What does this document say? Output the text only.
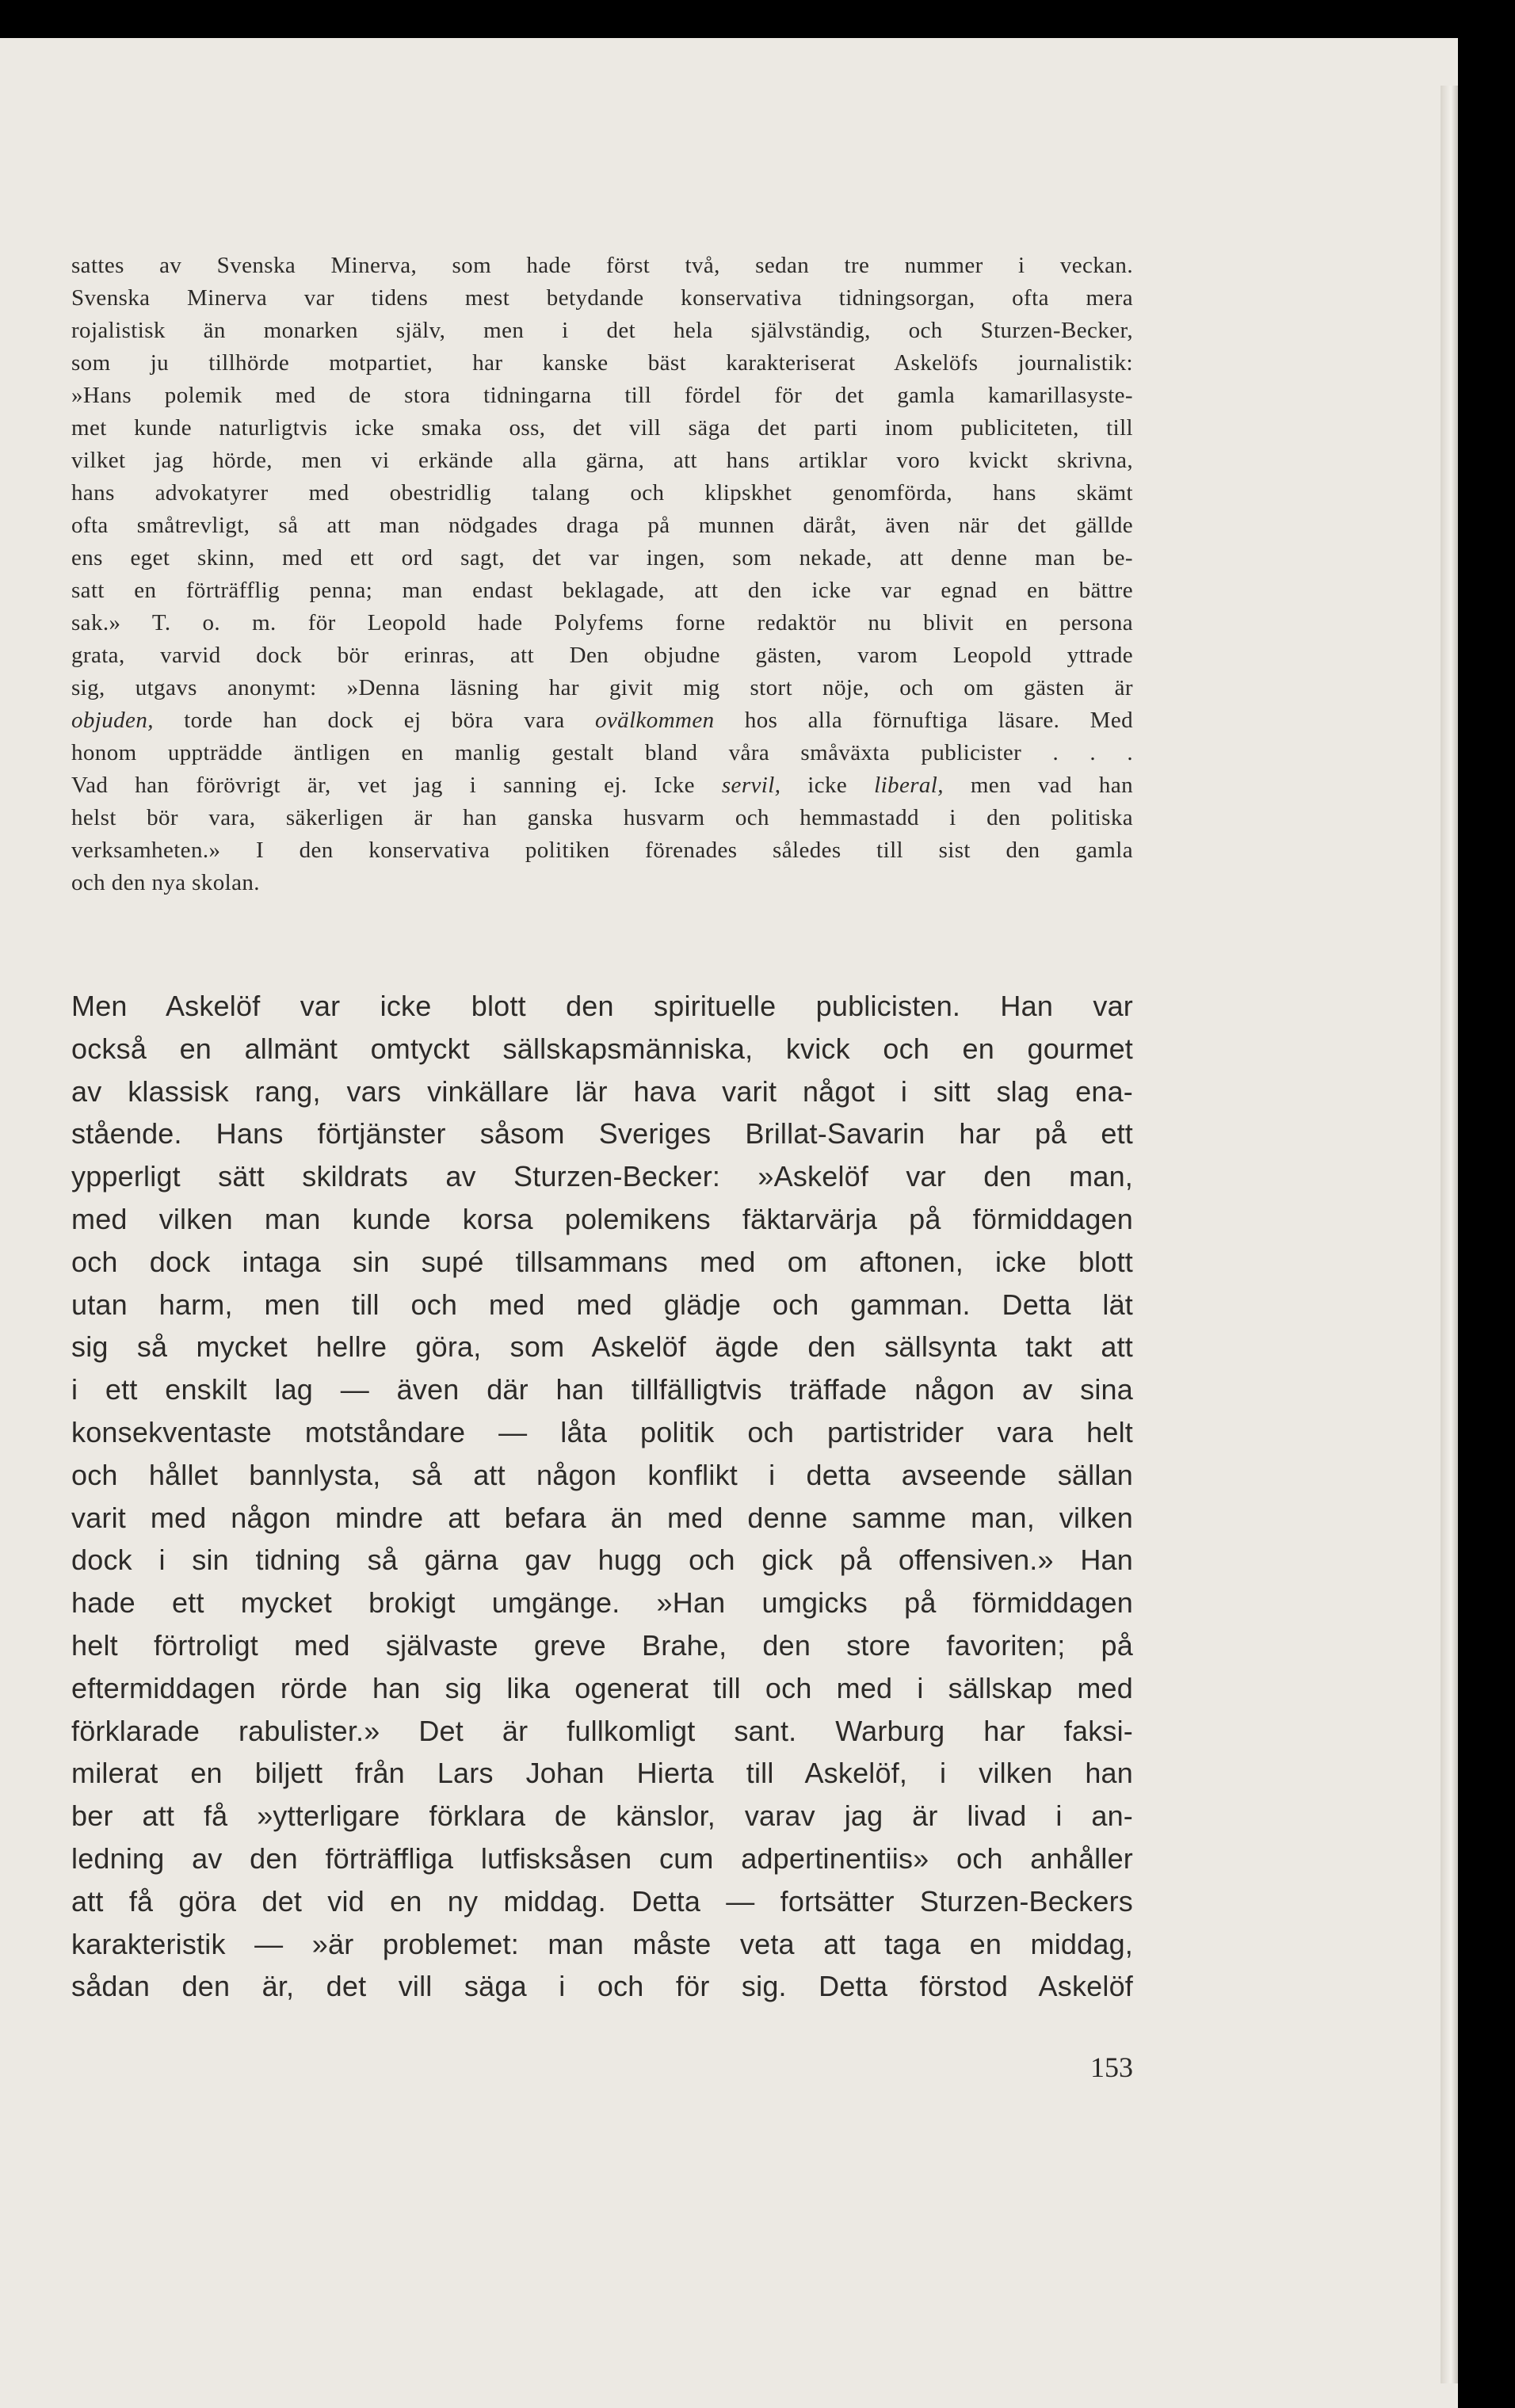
sattes av Svenska Minerva, som hade först två, sedan tre nummer i veckan.
Svenska Minerva var tidens mest betydande konservativa tidningsorgan, ofta mera
rojalistisk än monarken själv, men i det hela självständig, och Sturzen-Becker,
som ju tillhörde motpartiet, har kanske bäst karakteriserat Askelöfs journalistik:
»Hans polemik med de stora tidningarna till fördel för det gamla kamarillasyste-
met kunde naturligtvis icke smaka oss, det vill säga det parti inom publiciteten, till
vilket jag hörde, men vi erkände alla gärna, att hans artiklar voro kvickt skrivna,
hans advokatyrer med obestridlig talang och klipskhet genomförda, hans skämt
ofta småtrevligt, så att man nödgades draga på munnen däråt, även när det gällde
ens eget skinn, med ett ord sagt, det var ingen, som nekade, att denne man be-
satt en förträfflig penna; man endast beklagade, att den icke var egnad en bättre
sak.» T. o. m. för Leopold hade Polyfems forne redaktör nu blivit en persona
grata, varvid dock bör erinras, att Den objudne gästen, varom Leopold yttrade
sig, utgavs anonymt: »Denna läsning har givit mig stort nöje, och om gästen är
objuden, torde han dock ej böra vara ovälkommen hos alla förnuftiga läsare. Med
honom uppträdde äntligen en manlig gestalt bland våra småväxta publicister . . .
Vad han förövrigt är, vet jag i sanning ej. Icke servil, icke liberal, men vad han
helst bör vara, säkerligen är han ganska husvarm och hemmastadd i den politiska
verksamheten.» I den konservativa politiken förenades således till sist den gamla
och den nya skolan.
Men Askelöf var icke blott den spirituelle publicisten. Han var
också en allmänt omtyckt sällskapsmänniska, kvick och en gourmet
av klassisk rang, vars vinkällare lär hava varit något i sitt slag ena-
stående. Hans förtjänster såsom Sveriges Brillat-Savarin har på ett
ypperligt sätt skildrats av Sturzen-Becker: »Askelöf var den man,
med vilken man kunde korsa polemikens fäktarvärja på förmiddagen
och dock intaga sin supé tillsammans med om aftonen, icke blott
utan harm, men till och med med glädje och gamman. Detta lät
sig så mycket hellre göra, som Askelöf ägde den sällsynta takt att
i ett enskilt lag — även där han tillfälligtvis träffade någon av sina
konsekventaste motståndare — låta politik och partistrider vara helt
och hållet bannlysta, så att någon konflikt i detta avseende sällan
varit med någon mindre att befara än med denne samme man, vilken
dock i sin tidning så gärna gav hugg och gick på offensiven.» Han
hade ett mycket brokigt umgänge. »Han umgicks på förmiddagen
helt förtroligt med självaste greve Brahe, den store favoriten; på
eftermiddagen rörde han sig lika ogenerat till och med i sällskap med
förklarade rabulister.» Det är fullkomligt sant. Warburg har faksi-
milerat en biljett från Lars Johan Hierta till Askelöf, i vilken han
ber att få »ytterligare förklara de känslor, varav jag är livad i an-
ledning av den förträffliga lutfisksåsen cum adpertinentiis» och anhåller
att få göra det vid en ny middag. Detta — fortsätter Sturzen-Beckers
karakteristik — »är problemet: man måste veta att taga en middag,
sådan den är, det vill säga i och för sig. Detta förstod Askelöf
153
